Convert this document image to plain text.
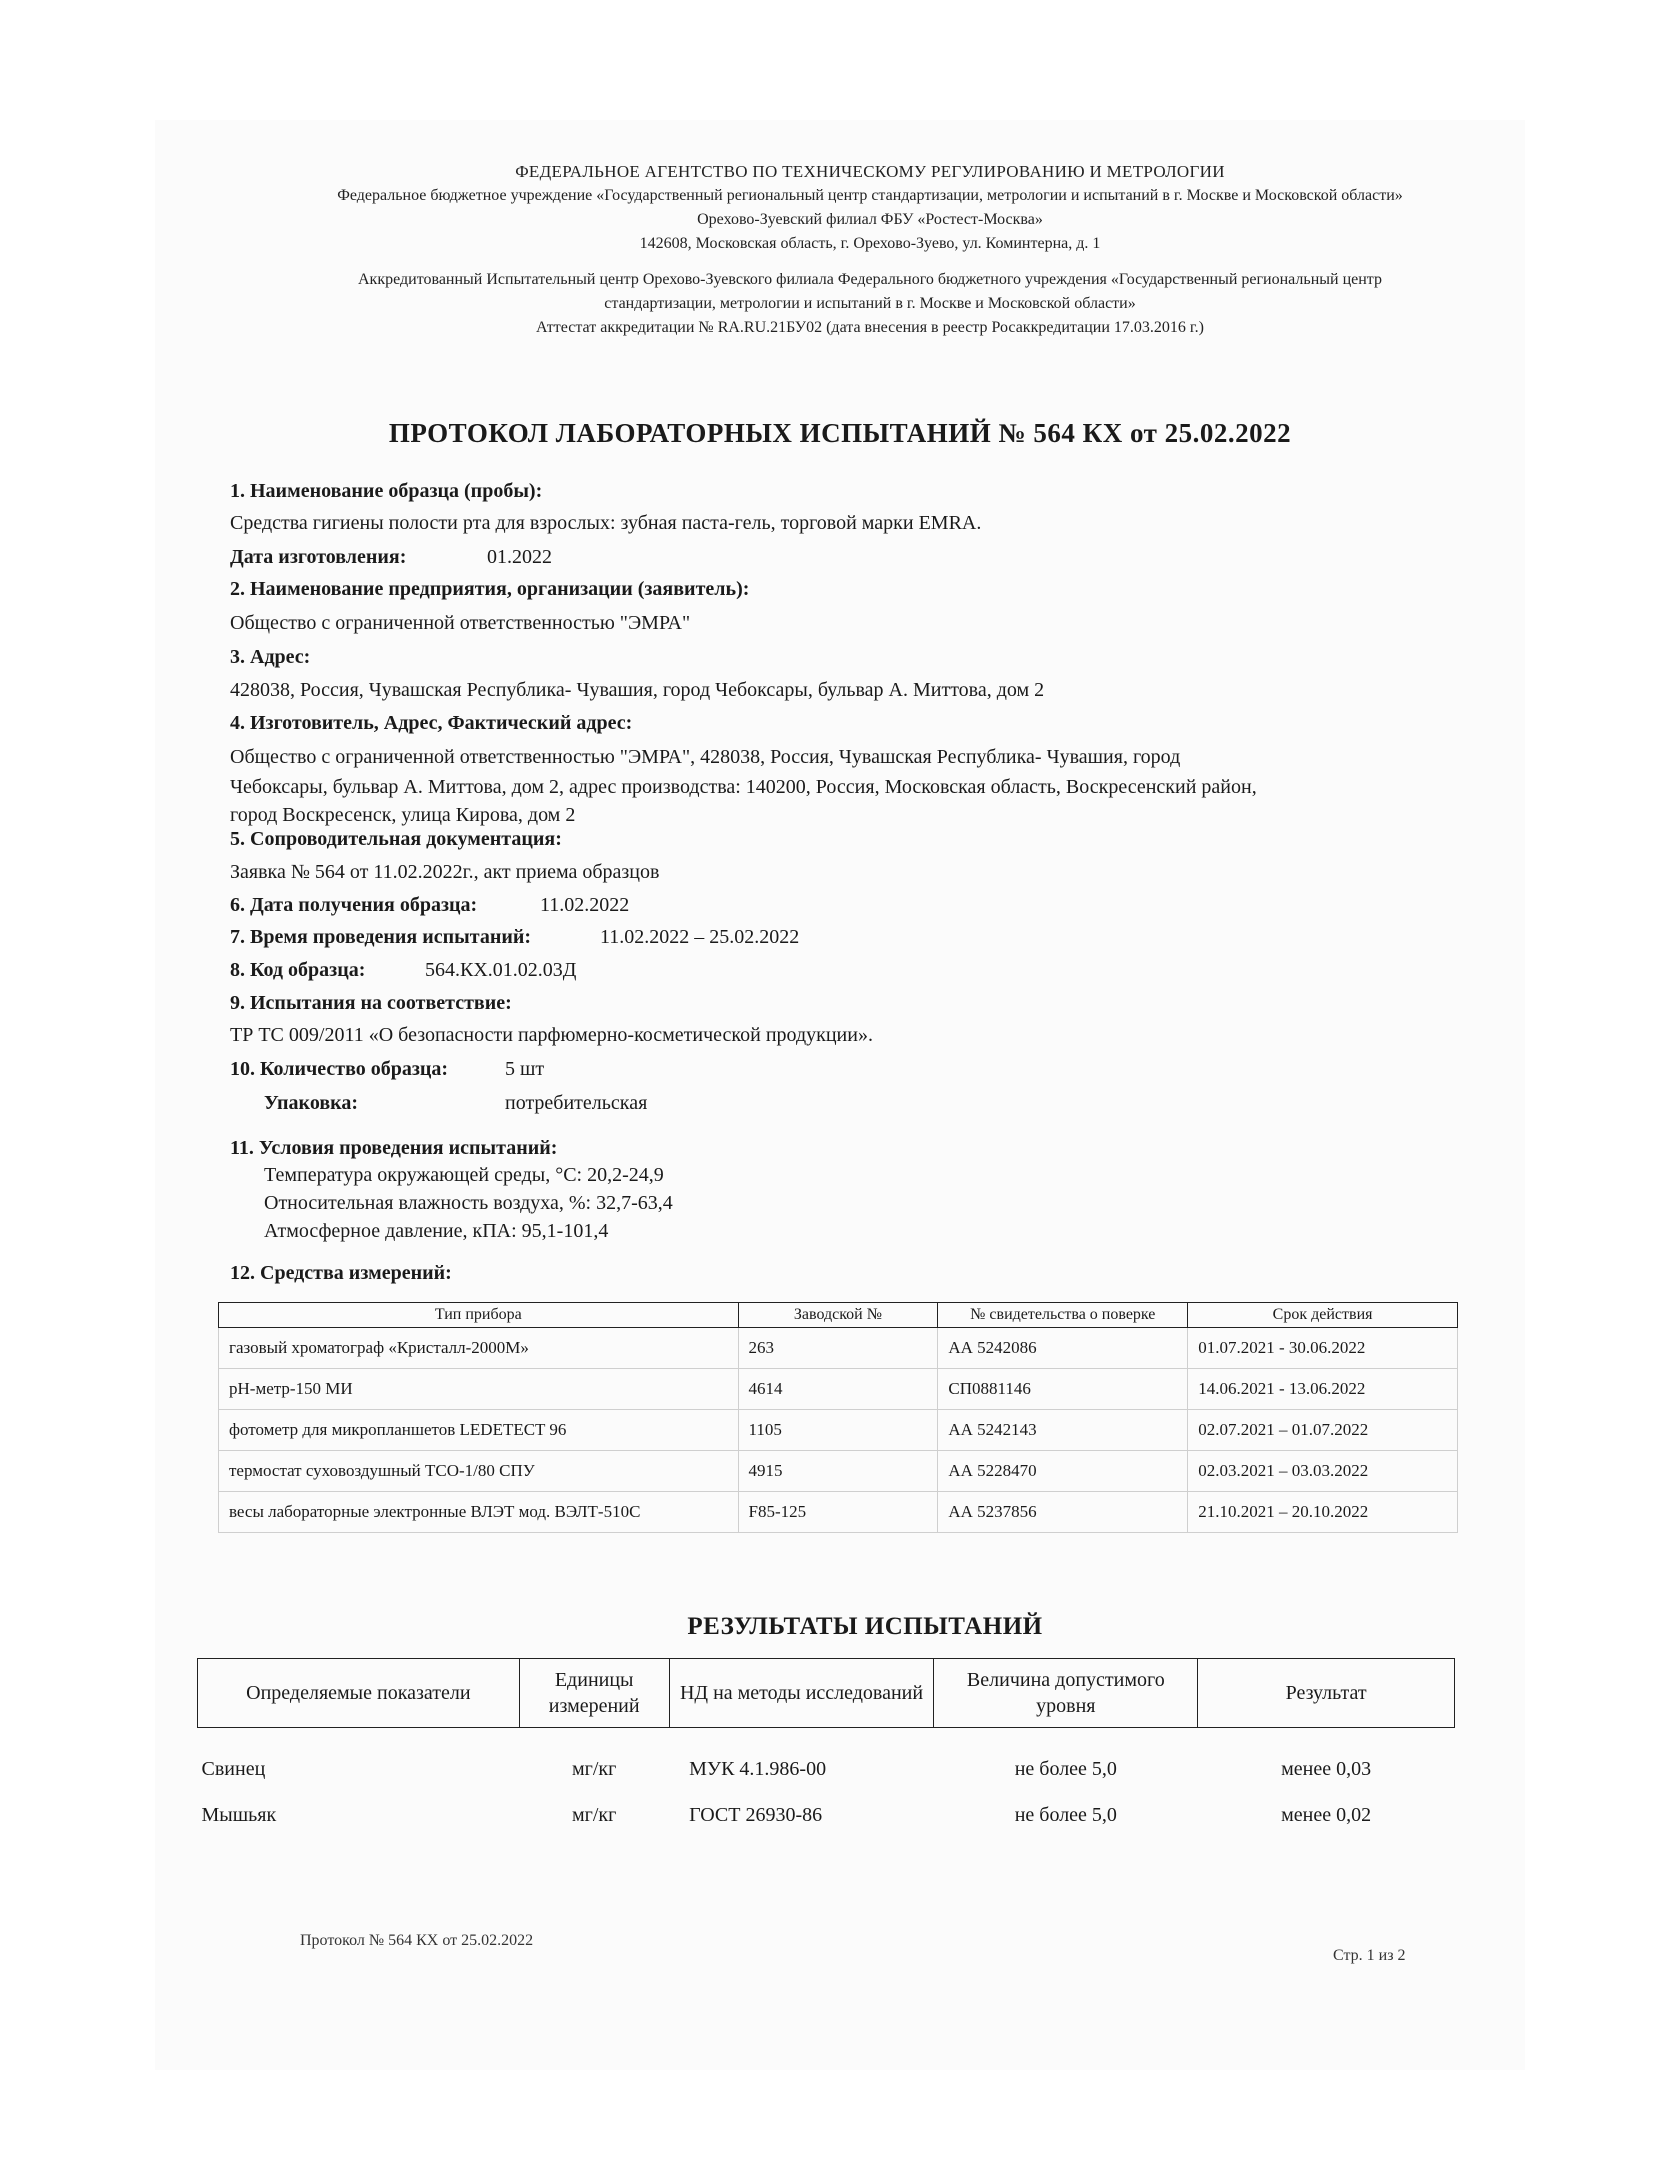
ФЕДЕРАЛЬНОЕ АГЕНТСТВО ПО ТЕХНИЧЕСКОМУ РЕГУЛИРОВАНИЮ И МЕТРОЛОГИИ
Федеральное бюджетное учреждение «Государственный региональный центр стандартизации, метрологии и испытаний в г. Москве и Московской области»
Орехово-Зуевский филиал ФБУ «Ростест-Москва»
142608, Московская область, г. Орехово-Зуево, ул. Коминтерна, д. 1
Аккредитованный Испытательный центр Орехово-Зуевского филиала Федерального бюджетного учреждения «Государственный региональный центр
стандартизации, метрологии и испытаний в г. Москве и Московской области»
Аттестат аккредитации № RA.RU.21БУ02 (дата внесения в реестр Росаккредитации 17.03.2016 г.)
ПРОТОКОЛ ЛАБОРАТОРНЫХ ИСПЫТАНИЙ № 564 КХ от 25.02.2022
1. Наименование образца (пробы):
Средства гигиены полости рта для взрослых: зубная паста-гель, торговой марки EMRA.
Дата изготовления:	01.2022
2. Наименование предприятия, организации (заявитель):
Общество с ограниченной ответственностью "ЭМРА"
3. Адрес:
428038, Россия, Чувашская Республика- Чувашия, город Чебоксары, бульвар А. Миттова, дом 2
4. Изготовитель, Адрес, Фактический адрес:
Общество с ограниченной ответственностью "ЭМРА", 428038, Россия, Чувашская Республика- Чувашия, город
Чебоксары, бульвар А. Миттова, дом 2, адрес производства: 140200, Россия, Московская область, Воскресенский район,
город Воскресенск, улица Кирова, дом 2
5. Сопроводительная документация:
Заявка № 564 от 11.02.2022г., акт приема образцов
6. Дата получения образца:	11.02.2022
7. Время проведения испытаний:	11.02.2022 – 25.02.2022
8. Код образца:	564.КХ.01.02.03Д
9. Испытания на соответствие:
ТР ТС 009/2011 «О безопасности парфюмерно-косметической продукции».
10. Количество образца:	5 шт
Упаковка:	потребительская
11. Условия проведения испытаний:
Температура окружающей среды, °С: 20,2-24,9
Относительная влажность воздуха, %: 32,7-63,4
Атмосферное давление, кПА: 95,1-101,4
12. Средства измерений:
Тип прибора	Заводской №	№ свидетельства о поверке	Срок действия
газовый хроматограф «Кристалл-2000М»	263	АА 5242086	01.07.2021 - 30.06.2022
pH-метр-150 МИ	4614	СП0881146	14.06.2021 - 13.06.2022
фотометр для микропланшетов LEDETECT 96	1105	АА 5242143	02.07.2021 – 01.07.2022
термостат суховоздушный ТСО-1/80 СПУ	4915	АА 5228470	02.03.2021 – 03.03.2022
весы лабораторные электронные ВЛЭТ мод. ВЭЛТ-510С	F85-125	АА 5237856	21.10.2021 – 20.10.2022
РЕЗУЛЬТАТЫ ИСПЫТАНИЙ
Определяемые показатели	Единицы измерений	НД на методы исследований	Величина допустимого уровня	Результат

Свинец	мг/кг	МУК 4.1.986-00	не более 5,0	менее 0,03
Мышьяк	мг/кг	ГОСТ 26930-86	не более 5,0	менее 0,02
Протокол № 564 КХ от 25.02.2022
Стр. 1 из 2
